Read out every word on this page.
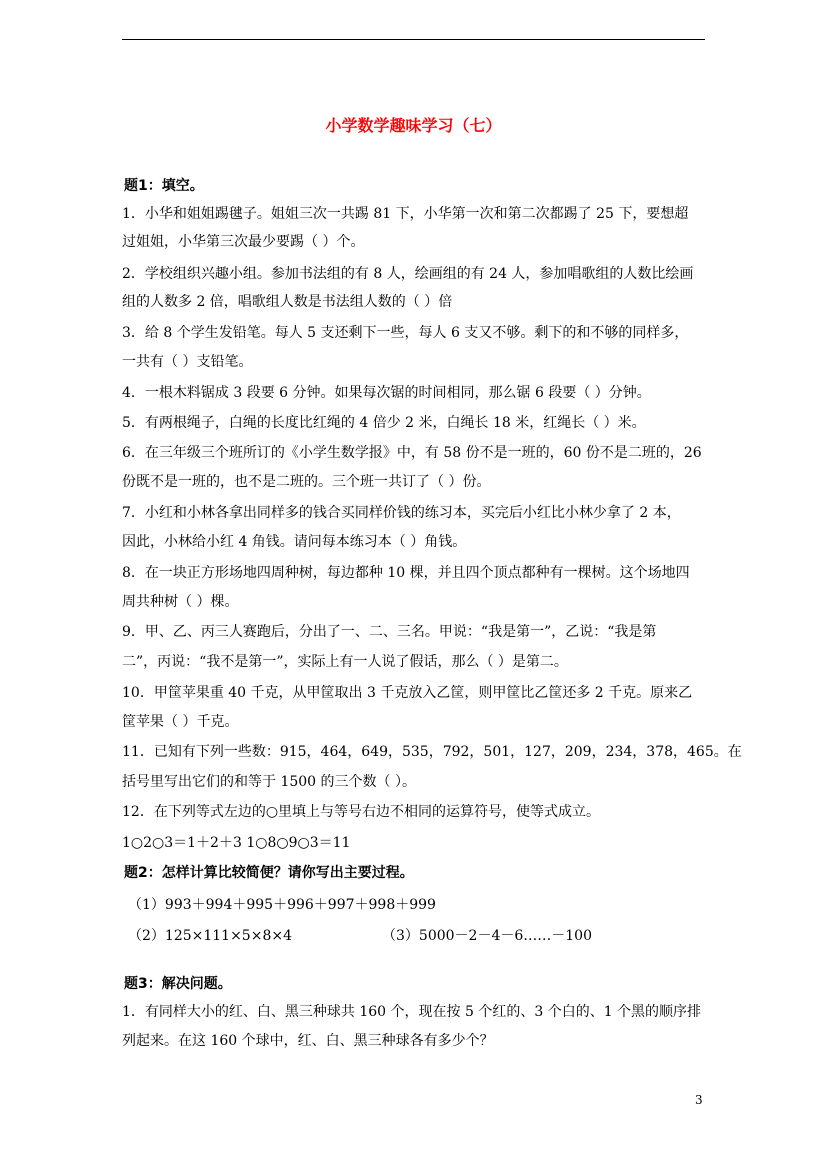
小学数学趣味学习（七）
题1：填空。
1．小华和姐姐踢毽子。姐姐三次一共踢 81 下，小华第一次和第二次都踢了 25 下，要想超
过姐姐，小华第三次最少要踢（ ）个。
2．学校组织兴趣小组。参加书法组的有 8 人，绘画组的有 24 人，参加唱歌组的人数比绘画
组的人数多 2 倍，唱歌组人数是书法组人数的（ ）倍
3．给 8 个学生发铅笔。每人 5 支还剩下一些，每人 6 支又不够。剩下的和不够的同样多，
一共有（ ）支铅笔。
4．一根木料锯成 3 段要 6 分钟。如果每次锯的时间相同，那么锯 6 段要（ ）分钟。
5．有两根绳子，白绳的长度比红绳的 4 倍少 2 米，白绳长 18 米，红绳长（ ）米。
6．在三年级三个班所订的《小学生数学报》中，有 58 份不是一班的，60 份不是二班的，26
份既不是一班的，也不是二班的。三个班一共订了（ ）份。
7．小红和小林各拿出同样多的钱合买同样价钱的练习本，买完后小红比小林少拿了 2 本，
因此，小林给小红 4 角钱。请问每本练习本（ ）角钱。
8．在一块正方形场地四周种树，每边都种 10 棵，并且四个顶点都种有一棵树。这个场地四
周共种树（ ）棵。
9．甲、乙、丙三人赛跑后，分出了一、二、三名。甲说：“我是第一”，乙说：“我是第
二”，丙说：“我不是第一”，实际上有一人说了假话，那么（ ）是第二。
10．甲筐苹果重 40 千克，从甲筐取出 3 千克放入乙筐，则甲筐比乙筐还多 2 千克。原来乙
筐苹果（ ）千克。
11．已知有下列一些数：915，464，649，535，792，501，127，209，234，378，465。在
括号里写出它们的和等于 1500 的三个数（ ）。
12．在下列等式左边的○里填上与等号右边不相同的运算符号，使等式成立。
1○2○3＝1＋2＋3 1○8○9○3＝11
题2：怎样计算比较简便？请你写出主要过程。
（1）993＋994＋995＋996＋997＋998＋999
（2）125×111×5×8×4	（3）5000－2－4－6……－100
题3：解决问题。
1．有同样大小的红、白、黑三种球共 160 个，现在按 5 个红的、3 个白的、1 个黑的顺序排
列起来。在这 160 个球中，红、白、黑三种球各有多少个？
3
